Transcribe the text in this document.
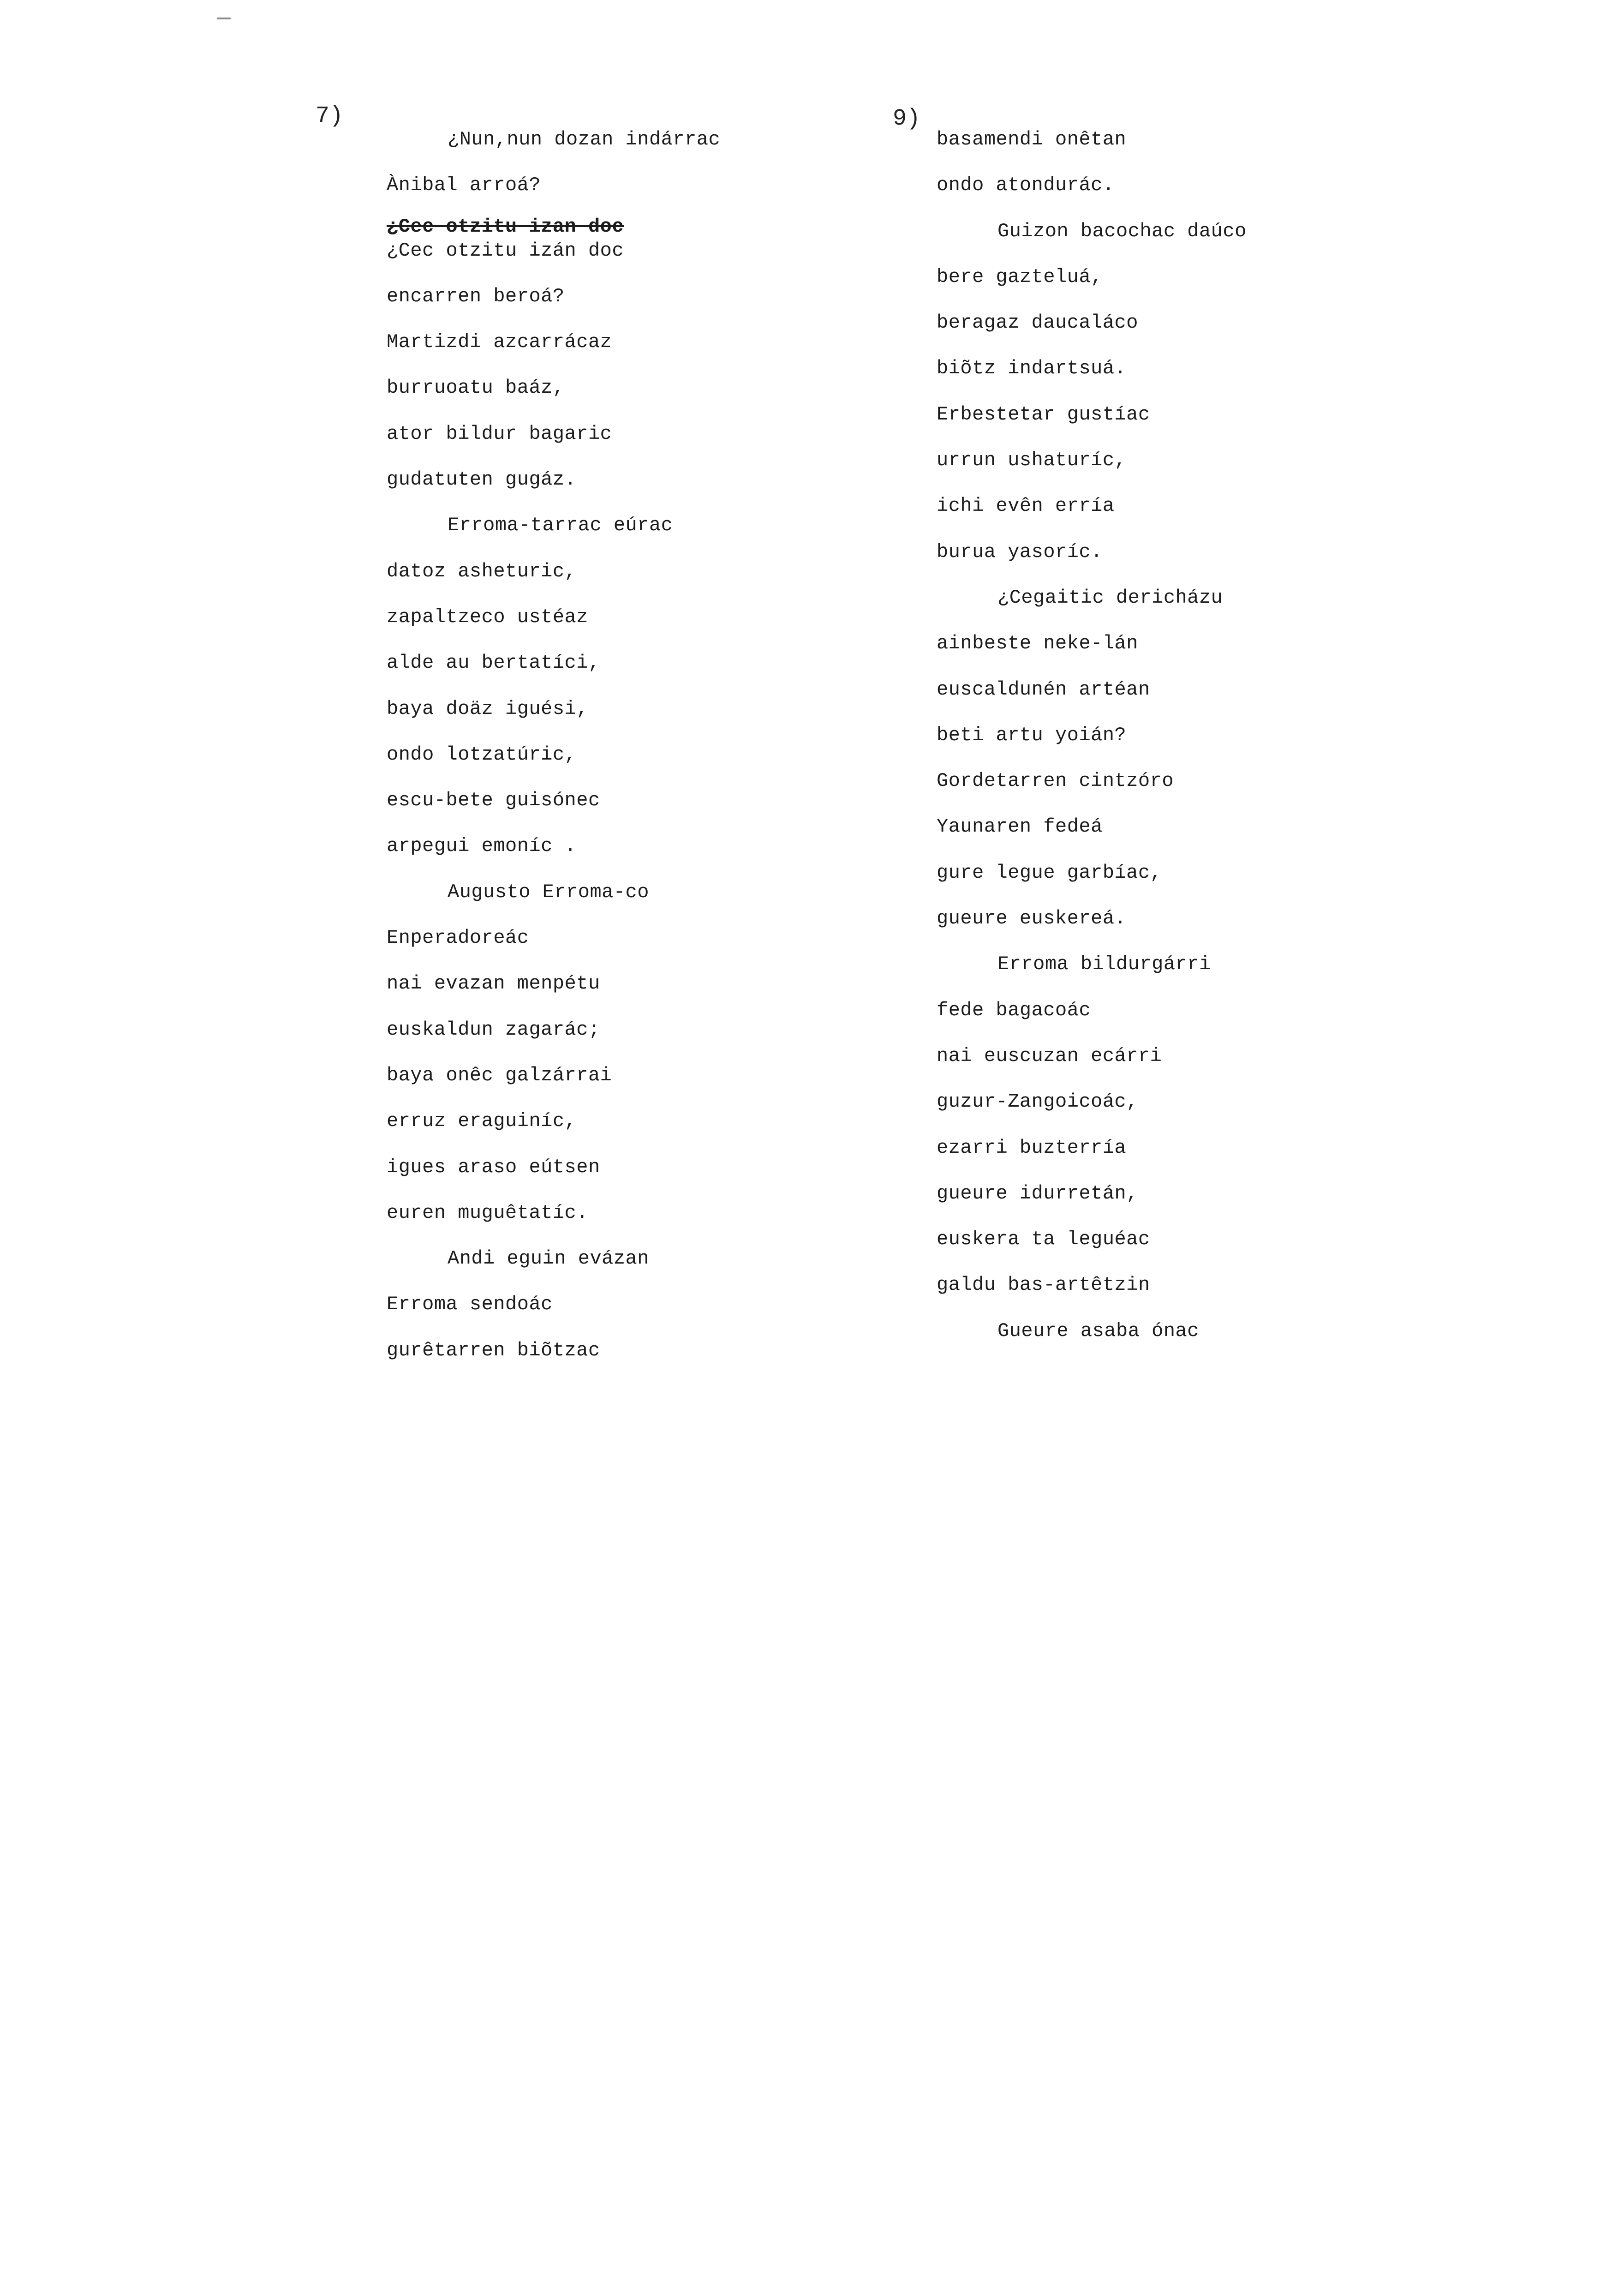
7)	9)
¿Nun,nun dozan indárrac
Ànibal arroá?
¿Cec otzitu izan doc
¿Cec otzitu izán doc
encarren beroá?
Martizdi azcarrácaz
burruoatu baáz,
ator bildur bagaric
gudatuten gugáz.
Erroma-tarrac eúrac
datoz asheturic,
zapaltzeco ustéaz
alde au bertatíci,
baya doäz iguési,
ondo lotzatúric,
escu-bete guisónec
arpegui emoníc .
Augusto Erroma-co
Enperadoreác
nai evazan menpétu
euskaldun zagarác;
baya onêc galzárrai
erruz eraguiníc,
igues araso eútsen
euren muguêtatíc.
Andi eguin evázan
Erroma sendoác
gurêtarren biõtzac
basamendi onêtan
ondo atondurác.
Guizon bacochac daúco
bere gazteluá,
beragaz daucaláco
biõtz indartsuá.
Erbestetar gustíac
urrun ushaturíc,
ichi evên erría
burua yasoríc.
¿Cegaitic dericházu
ainbeste neke-lán
euscaldunén artéan
beti artu yoián?
Gordetarren cintzóro
Yaunaren fedeá
gure legue garbíac,
gueure euskereá.
Erroma bildurgárri
fede bagacoác
nai euscuzan ecárri
guzur-Zangoicoác,
ezarri buzterría
gueure idurretán,
euskera ta leguéac
galdu bas-artêtzin
Gueure asaba ónac
